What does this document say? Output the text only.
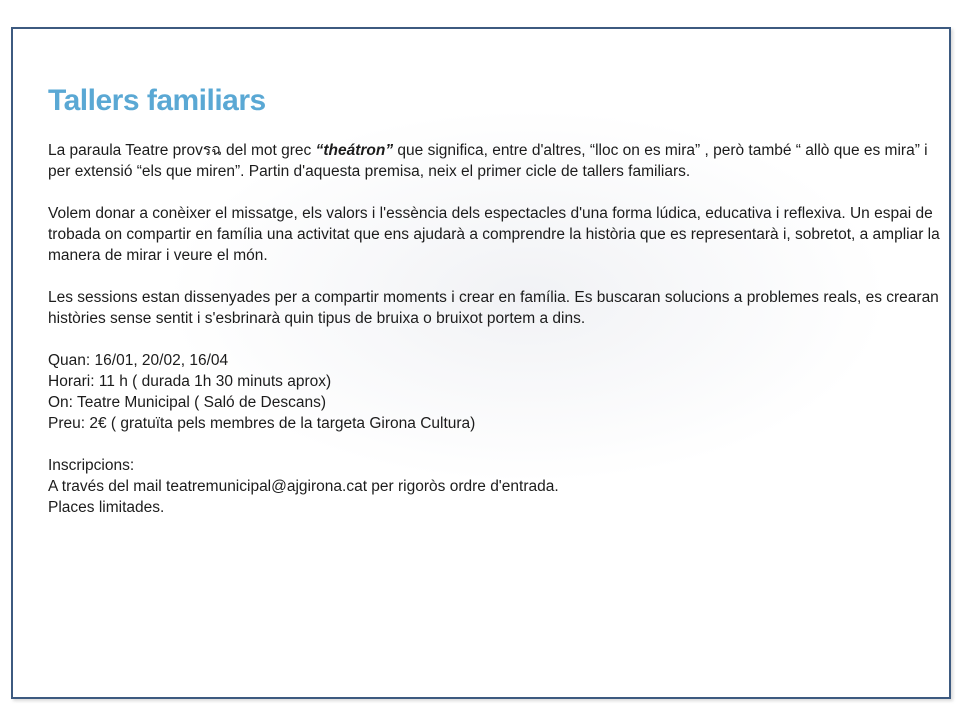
Tallers familiars

La paraula Teatre provรฉ del mot grec “theátron” que significa, entre d'altres, “lloc on es mira” , però també “ allò que es mira” i per extensió “els que miren”. Partin d'aquesta premisa, neix el primer cicle de tallers familiars.

Volem donar a conèixer el missatge, els valors i l'essència dels espectacles d'una forma lúdica, educativa i reflexiva. Un espai de trobada on compartir en família una activitat que ens ajudarà a comprendre la història que es representarà i, sobretot, a ampliar la manera de mirar i veure el món.

Les sessions estan dissenyades per a compartir moments i crear en família. Es buscaran solucions a problemes reals, es crearan històries sense sentit i s'esbrinarà quin tipus de bruixa o bruixot portem a dins.

Quan: 16/01, 20/02, 16/04

Horari: 11 h ( durada 1h 30 minuts aprox)

On: Teatre Municipal ( Saló de Descans)

Preu: 2€ ( gratuïta pels membres de la targeta Girona Cultura)

Inscripcions:

A través del mail teatremunicipal@ajgirona.cat per rigoròs ordre d'entrada.

Places limitades.
